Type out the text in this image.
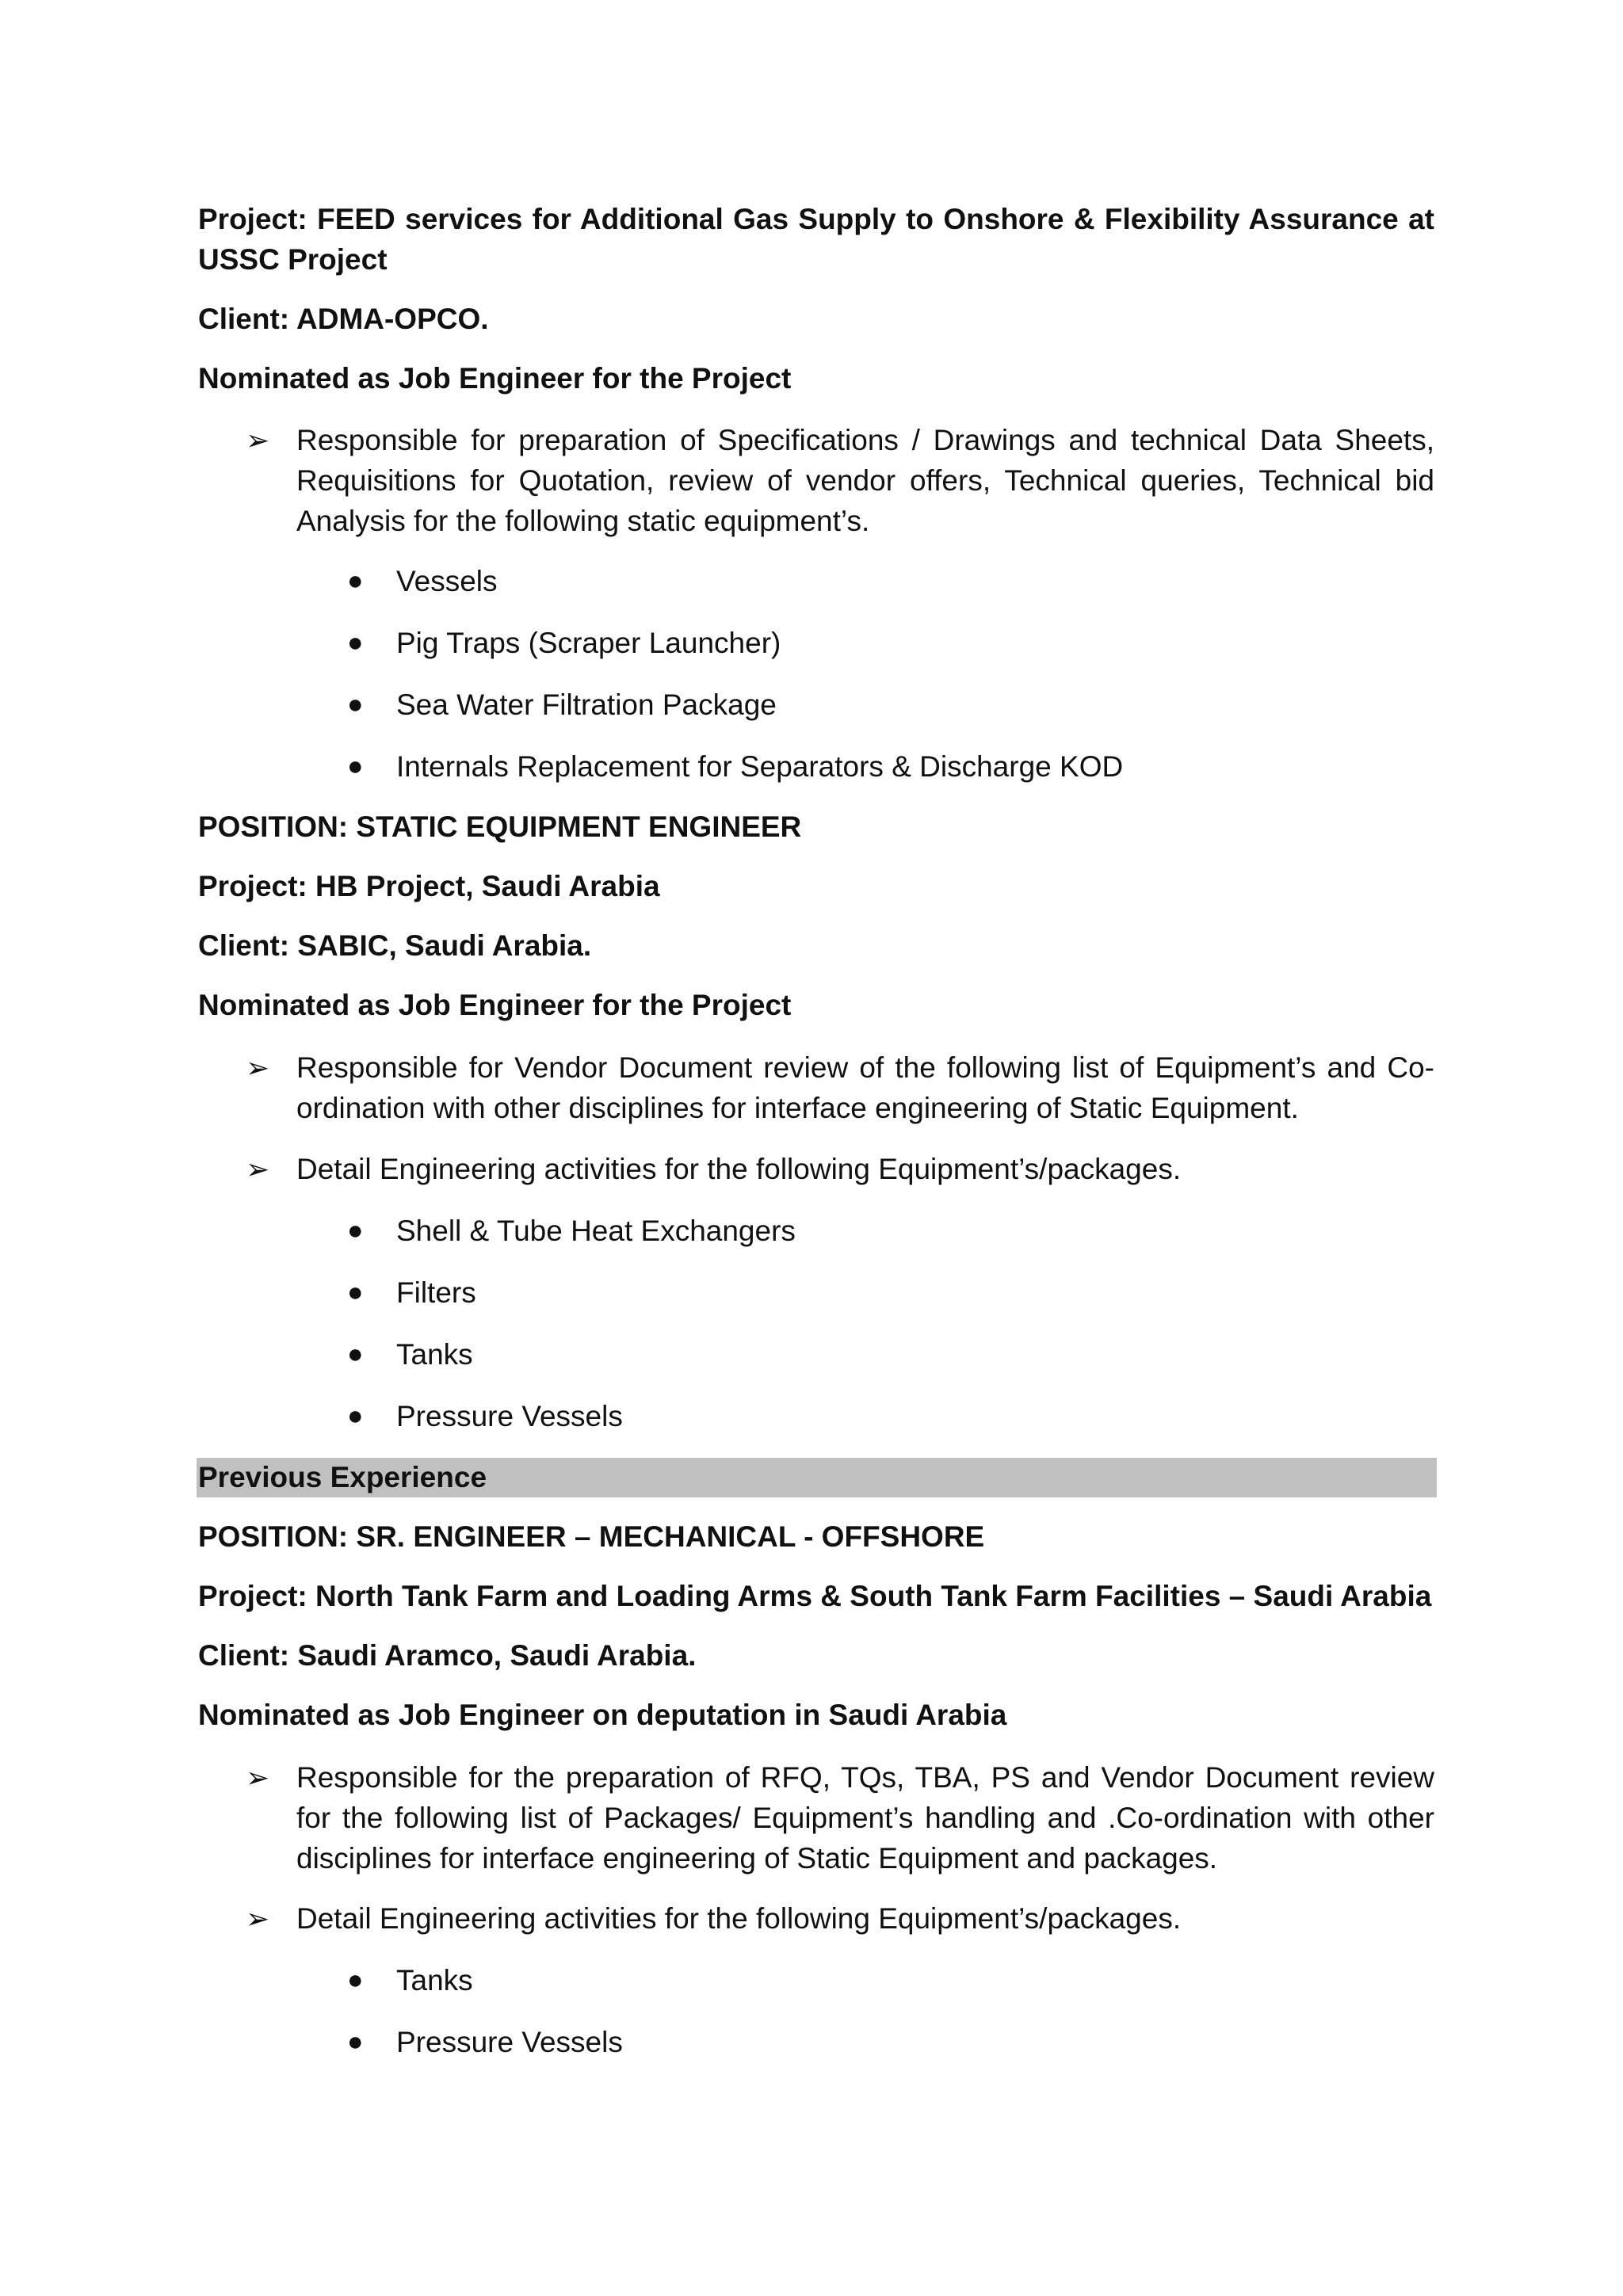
Project: FEED services for Additional Gas Supply to Onshore & Flexibility Assurance at USSC Project

Client: ADMA-OPCO.

Nominated as Job Engineer for the Project

➢ Responsible for preparation of Specifications / Drawings and technical Data Sheets, Requisitions for Quotation, review of vendor offers, Technical queries, Technical bid Analysis for the following static equipment’s.
● Vessels
● Pig Traps (Scraper Launcher)
● Sea Water Filtration Package
● Internals Replacement for Separators & Discharge KOD

POSITION: STATIC EQUIPMENT ENGINEER

Project: HB Project, Saudi Arabia

Client: SABIC, Saudi Arabia.

Nominated as Job Engineer for the Project

➢ Responsible for Vendor Document review of the following list of Equipment’s and Co-ordination with other disciplines for interface engineering of Static Equipment.
➢ Detail Engineering activities for the following Equipment’s/packages.
● Shell & Tube Heat Exchangers
● Filters
● Tanks
● Pressure Vessels

Previous Experience

POSITION: SR. ENGINEER – MECHANICAL - OFFSHORE

Project: North Tank Farm and Loading Arms & South Tank Farm Facilities – Saudi Arabia

Client: Saudi Aramco, Saudi Arabia.

Nominated as Job Engineer on deputation in Saudi Arabia

➢ Responsible for the preparation of RFQ, TQs, TBA, PS and Vendor Document review for the following list of Packages/ Equipment’s handling and .Co-ordination with other disciplines for interface engineering of Static Equipment and packages.
➢ Detail Engineering activities for the following Equipment’s/packages.
● Tanks
● Pressure Vessels
